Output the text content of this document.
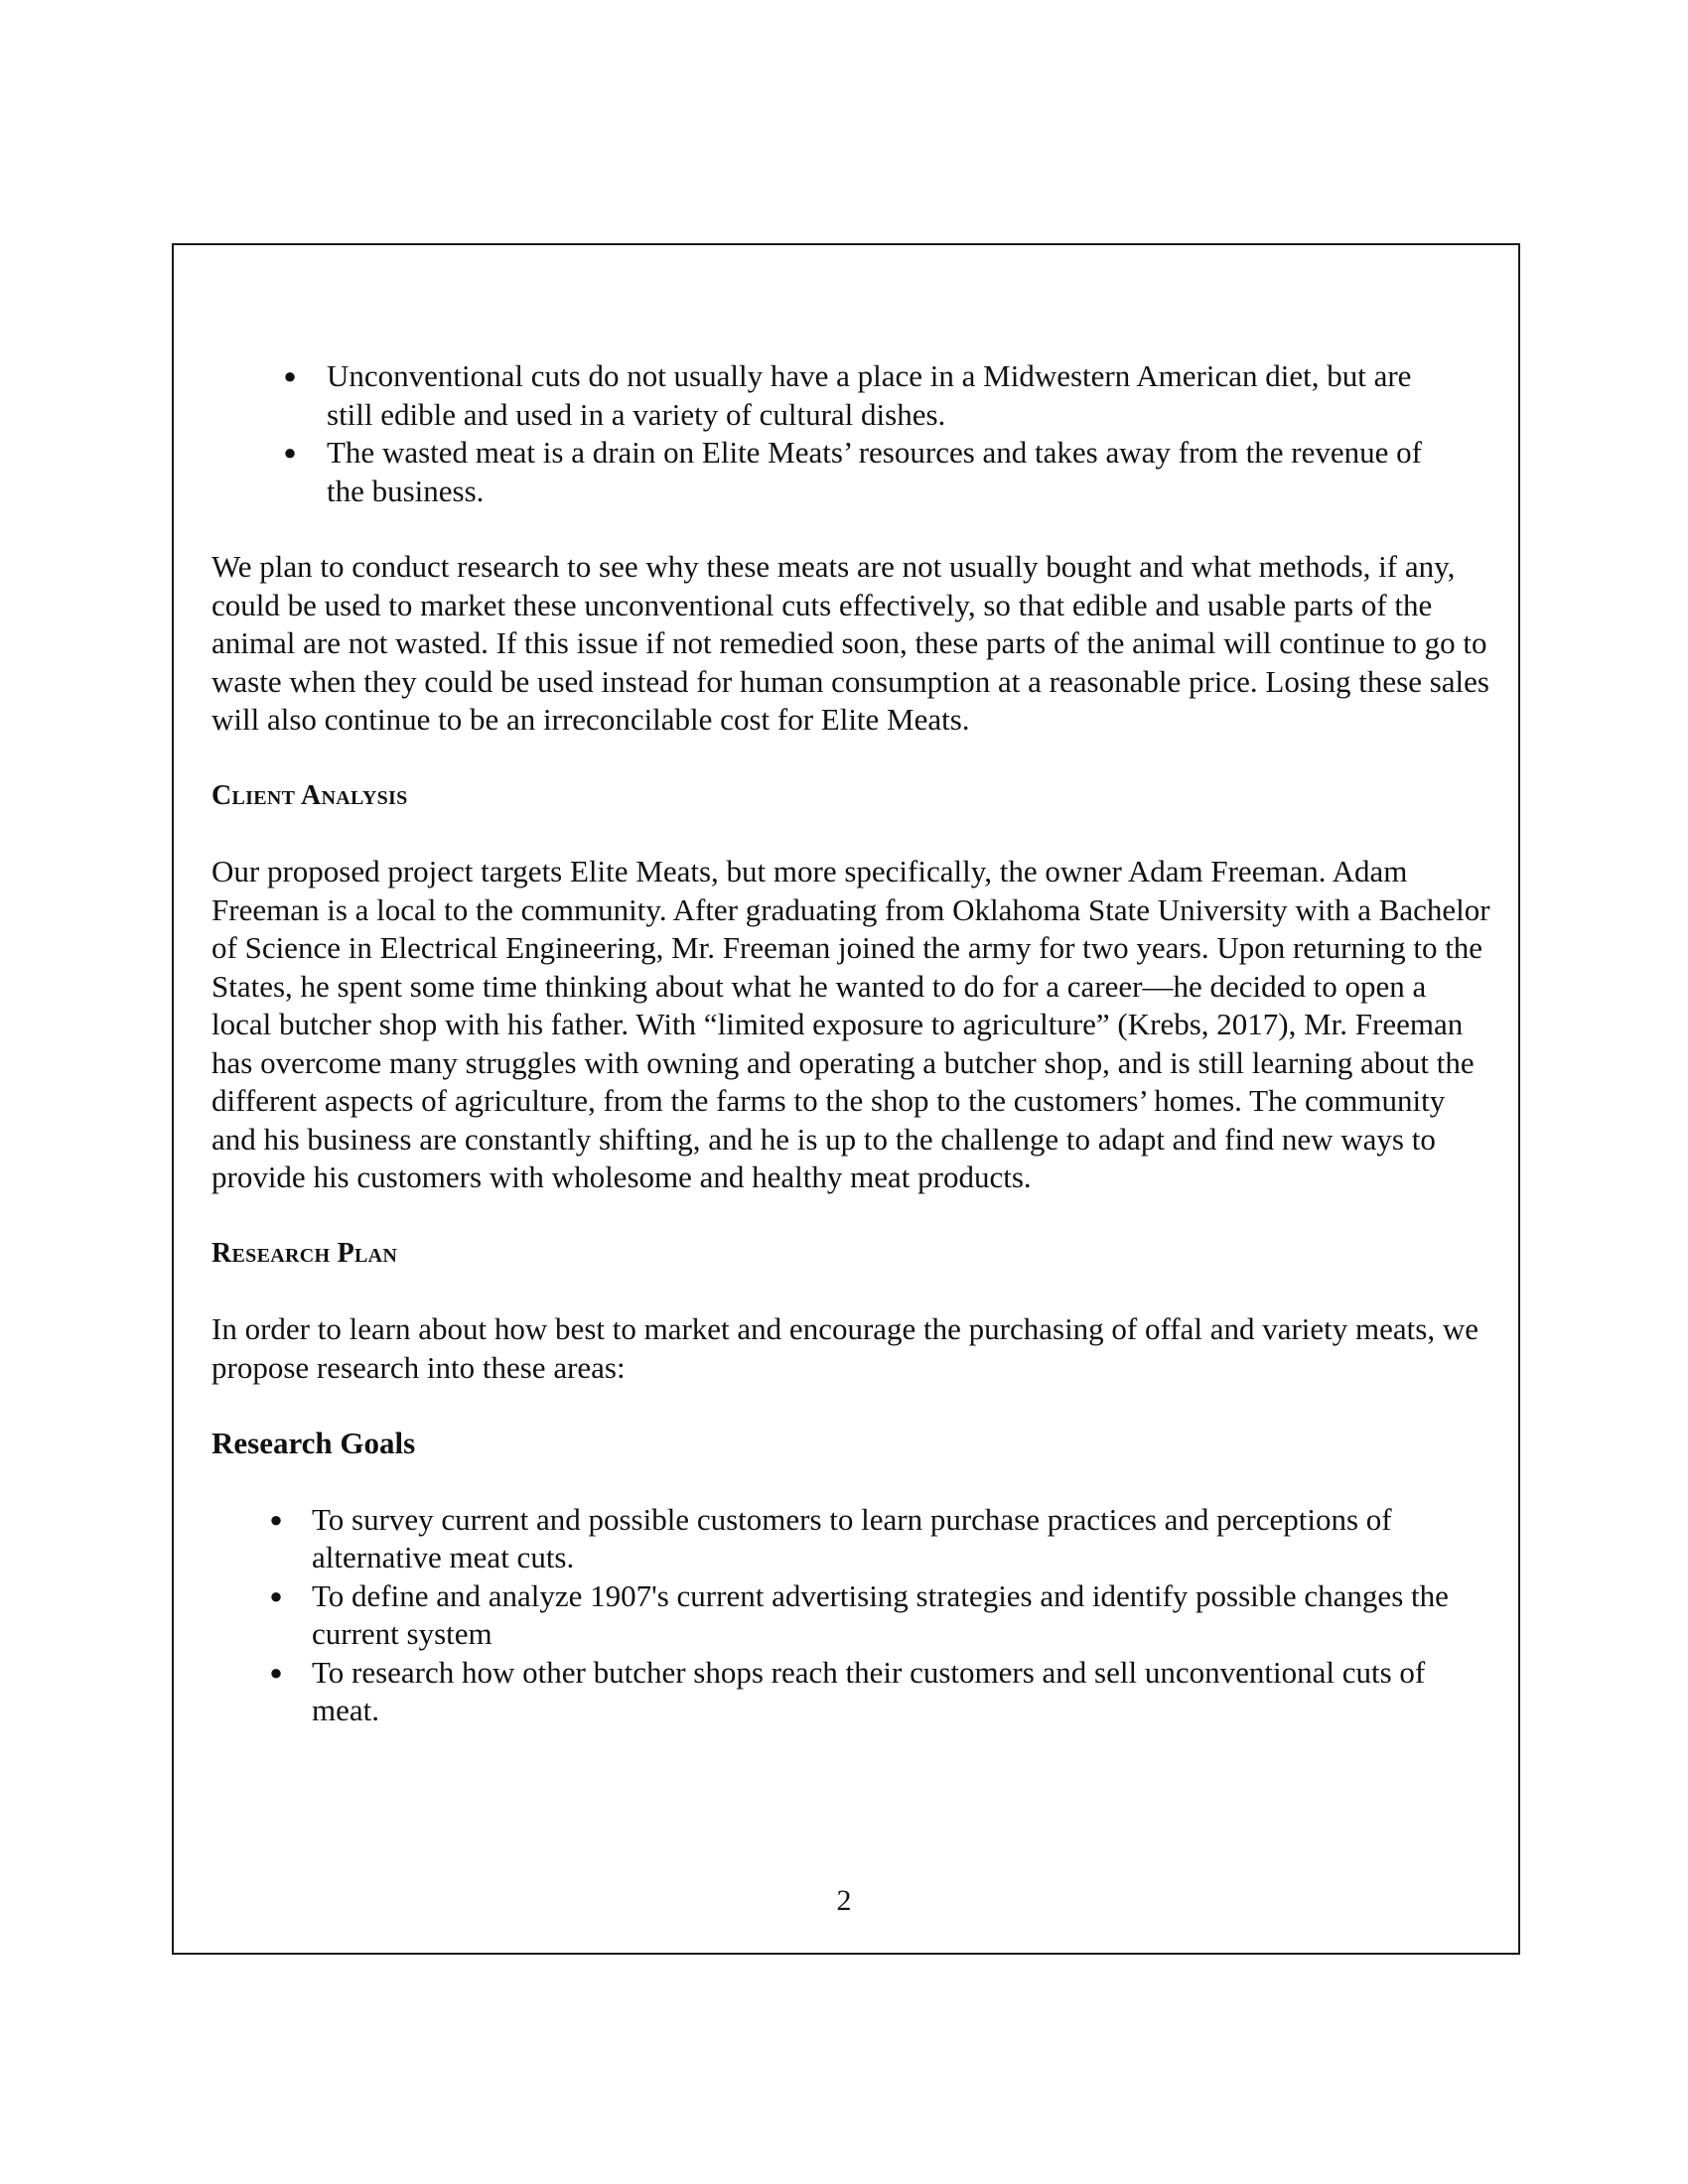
● Unconventional cuts do not usually have a place in a Midwestern American diet, but are still edible and used in a variety of cultural dishes.
● The wasted meat is a drain on Elite Meats’ resources and takes away from the revenue of the business.

We plan to conduct research to see why these meats are not usually bought and what methods, if any, could be used to market these unconventional cuts effectively, so that edible and usable parts of the animal are not wasted. If this issue if not remedied soon, these parts of the animal will continue to go to waste when they could be used instead for human consumption at a reasonable price. Losing these sales will also continue to be an irreconcilable cost for Elite Meats.

Client Analysis

Our proposed project targets Elite Meats, but more specifically, the owner Adam Freeman. Adam Freeman is a local to the community. After graduating from Oklahoma State University with a Bachelor of Science in Electrical Engineering, Mr. Freeman joined the army for two years. Upon returning to the States, he spent some time thinking about what he wanted to do for a career—he decided to open a local butcher shop with his father. With “limited exposure to agriculture” (Krebs, 2017), Mr. Freeman has overcome many struggles with owning and operating a butcher shop, and is still learning about the different aspects of agriculture, from the farms to the shop to the customers’ homes. The community and his business are constantly shifting, and he is up to the challenge to adapt and find new ways to provide his customers with wholesome and healthy meat products.

Research Plan

In order to learn about how best to market and encourage the purchasing of offal and variety meats, we propose research into these areas:

Research Goals
● To survey current and possible customers to learn purchase practices and perceptions of alternative meat cuts.
● To define and analyze 1907's current advertising strategies and identify possible changes the current system
● To research how other butcher shops reach their customers and sell unconventional cuts of meat.
2
